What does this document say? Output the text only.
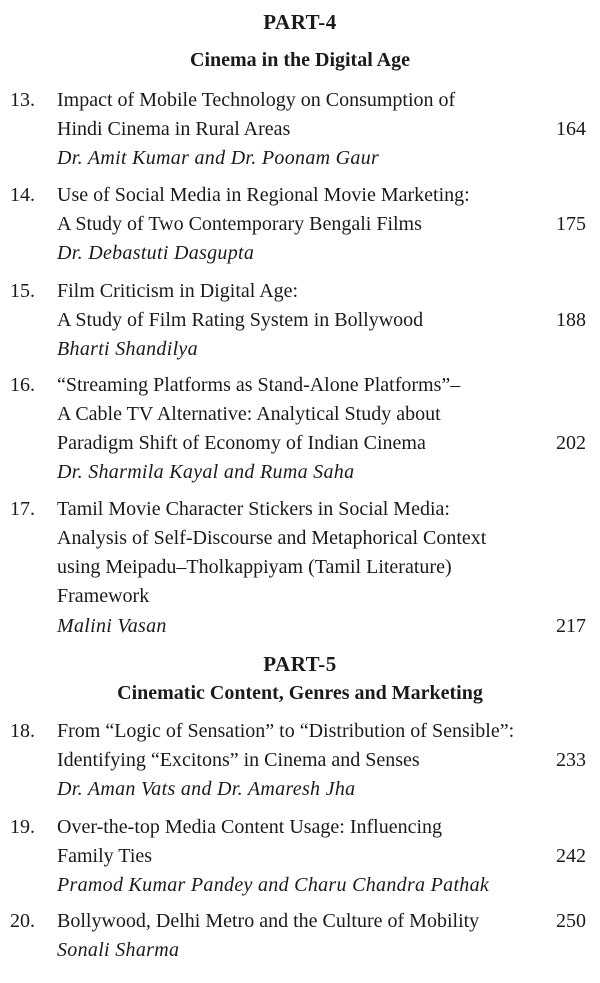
PART-4
Cinema in the Digital Age
13. Impact of Mobile Technology on Consumption of
Hindi Cinema in Rural Areas	164
Dr. Amit Kumar and Dr. Poonam Gaur
14. Use of Social Media in Regional Movie Marketing:
A Study of Two Contemporary Bengali Films	175
Dr. Debastuti Dasgupta
15. Film Criticism in Digital Age:
A Study of Film Rating System in Bollywood	188
Bharti Shandilya
16. “Streaming Platforms as Stand-Alone Platforms”–
A Cable TV Alternative: Analytical Study about
Paradigm Shift of Economy of Indian Cinema	202
Dr. Sharmila Kayal and Ruma Saha
17. Tamil Movie Character Stickers in Social Media:
Analysis of Self-Discourse and Metaphorical Context
using Meipadu–Tholkappiyam (Tamil Literature)
Framework
Malini Vasan	217
PART-5
Cinematic Content, Genres and Marketing
18. From “Logic of Sensation” to “Distribution of Sensible”:
Identifying “Excitons” in Cinema and Senses	233
Dr. Aman Vats and Dr. Amaresh Jha
19. Over-the-top Media Content Usage: Influencing
Family Ties	242
Pramod Kumar Pandey and Charu Chandra Pathak
20. Bollywood, Delhi Metro and the Culture of Mobility	250
Sonali Sharma
